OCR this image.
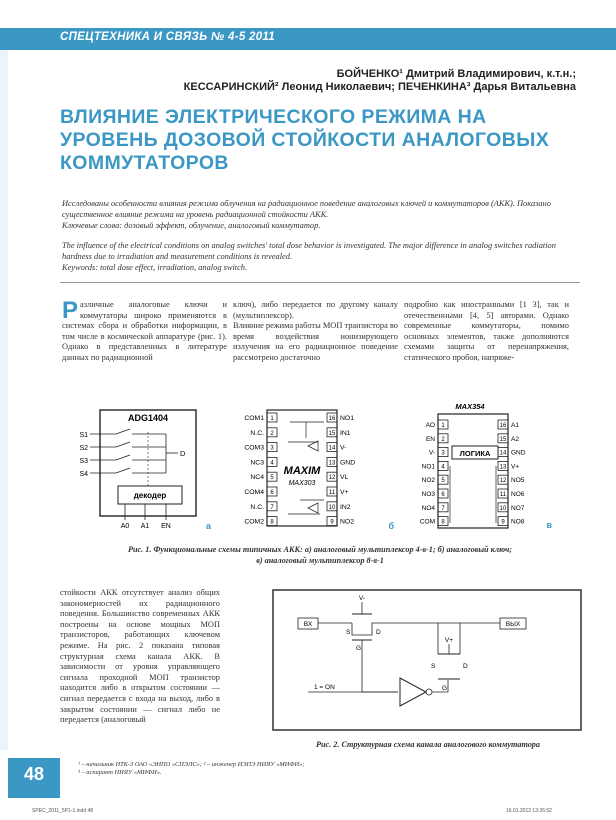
СПЕЦТЕХНИКА И СВЯЗЬ № 4-5 2011
БОЙЧЕНКО¹ Дмитрий Владимирович, к.т.н.;
КЕССАРИНСКИЙ² Леонид Николаевич; ПЕЧЕНКИНА³ Дарья Витальевна
ВЛИЯНИЕ ЭЛЕКТРИЧЕСКОГО РЕЖИМА НА УРОВЕНЬ ДОЗОВОЙ СТОЙКОСТИ АНАЛОГОВЫХ КОММУТАТОРОВ
Исследованы особенности влияния режима облучения на радиационное поведение аналоговых ключей и коммутаторов (АКК). Показано существенное влияние режима на уровень радиационной стойкости АКК.
Ключевые слова: дозовый эффект, облучение, аналоговый коммутатор.
The influence of the electrical conditions on analog switches' total dose behavior is investigated. The major difference in analog switches radiation hardness due to irradiation and measurement conditions is revealed.
Keywords: total dose effect, irradiation, analog switch.
Различные аналоговые ключи и коммутаторы широко применяются в системах сбора и обработки информации, в том числе в космической аппаратуре (рис. 1). Однако в представленных в литературе данных по радиационной
ключ), либо передается по другому каналу (мультиплексор).
Влияние режима работы МОП транзистора во время воздействия ионизирующего излучения на его радиационное поведение рассмотрено достаточно
подробно как иностранными [1 3], так и отечественными [4, 5] авторами. Однако современные коммутаторы, помимо основных элементов, также дополняются схемами защиты от перенапряжения, статического пробоя, напряже-
ADG1404
декодер
D
S1
S2
S3
S4
A0 A1 EN	а
1
COM1
2
N.C.
3
COM3
4
NC3
5
NC4
6
COM4
7
N.C.
8
COM2
16 NO1
15 IN1
14 V-
13 GND
12 VL
11 V+
10 IN2
9 NO2
MAXIM
MAX303
б
MAX354
ЛОГИКА
1
AO
2
EN
3
V-
4
NO1
5
NO2
6
NO3
7
NO4
8
COM
16 A1
15 A2
14 GND
13 V+
12 NO5
11 NO6
10 NO7
9 NO8 в
Рис. 1. Функциональные схемы типичных АКК: а) аналоговый мультиплексор 4-в-1; б) аналоговый ключ;
в) аналоговый мультиплексор 8-в-1
стойкости АКК отсутствует анализ общих закономерностей их радиационного поведения. Большинство современных АКК построены на основе мощных МОП транзисторов, работающих ключевом режиме. На рис. 2 показана типовая структурная схема канала АКК. В зависимости от уровня управляющего сигнала проходной МОП транзистор находится либо в открытом состоянии — сигнал передается с входа на выход, либо в закрытом состоянии — сигнал либо не передается (аналоговый
ВХ	ВЫХ
V-
S	D
G
1 = ON
V+
S	D
G
Рис. 2. Структурная схема канала аналогового коммутатора
¹ – начальник НТК-3 ОАО «ЭНПО «СПЭЛС»; ² – инженер ИЭПЭ НИЯУ «МИФИ»;
³ – аспирант НИЯУ «МИФИ».
48
SPEC_2011_5P1-1.indd 48	16.01.2012 13:26:52
